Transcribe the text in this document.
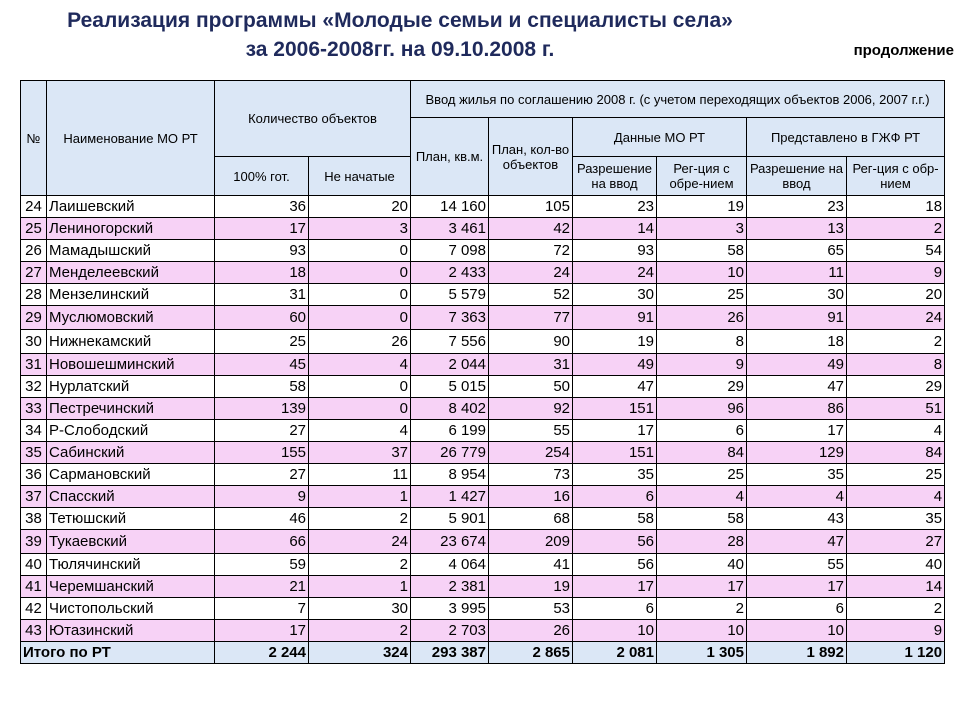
Реализация программы «Молодые семьи и специалисты села»
за 2006-2008гг. на 09.10.2008 г.	продолжение
№	Наименование МО РТ	Количество объектов		Ввод жилья по соглашению 2008 г. (с учетом переходящих объектов 2006, 2007 г.г.)					
				План, кв.м.	План, кол-во объектов	Данные МО РТ		Представлено в ГЖФ РТ	
		100% гот.	Не начатые			Разрешение на ввод	Рег-ция с обре-нием	Разрешение на ввод	Рег-ция с обр-нием
24	Лаишевский	36	20	14 160	105	23	19	23	18
25	Лениногорский	17	3	3 461	42	14	3	13	2
26	Мамадышский	93	0	7 098	72	93	58	65	54
27	Менделеевский	18	0	2 433	24	24	10	11	9
28	Мензелинский	31	0	5 579	52	30	25	30	20
29	Муслюмовский	60	0	7 363	77	91	26	91	24
30	Нижнекамский	25	26	7 556	90	19	8	18	2
31	Новошешминский	45	4	2 044	31	49	9	49	8
32	Нурлатский	58	0	5 015	50	47	29	47	29
33	Пестречинский	139	0	8 402	92	151	96	86	51
34	Р-Слободский	27	4	6 199	55	17	6	17	4
35	Сабинский	155	37	26 779	254	151	84	129	84
36	Сармановский	27	11	8 954	73	35	25	35	25
37	Спасский	9	1	1 427	16	6	4	4	4
38	Тетюшский	46	2	5 901	68	58	58	43	35
39	Тукаевский	66	24	23 674	209	56	28	47	27
40	Тюлячинский	59	2	4 064	41	56	40	55	40
41	Черемшанский	21	1	2 381	19	17	17	17	14
42	Чистопольский	7	30	3 995	53	6	2	6	2
43	Ютазинский	17	2	2 703	26	10	10	10	9
Итого по РТ		2 244	324	293 387	2 865	2 081	1 305	1 892	1 120
